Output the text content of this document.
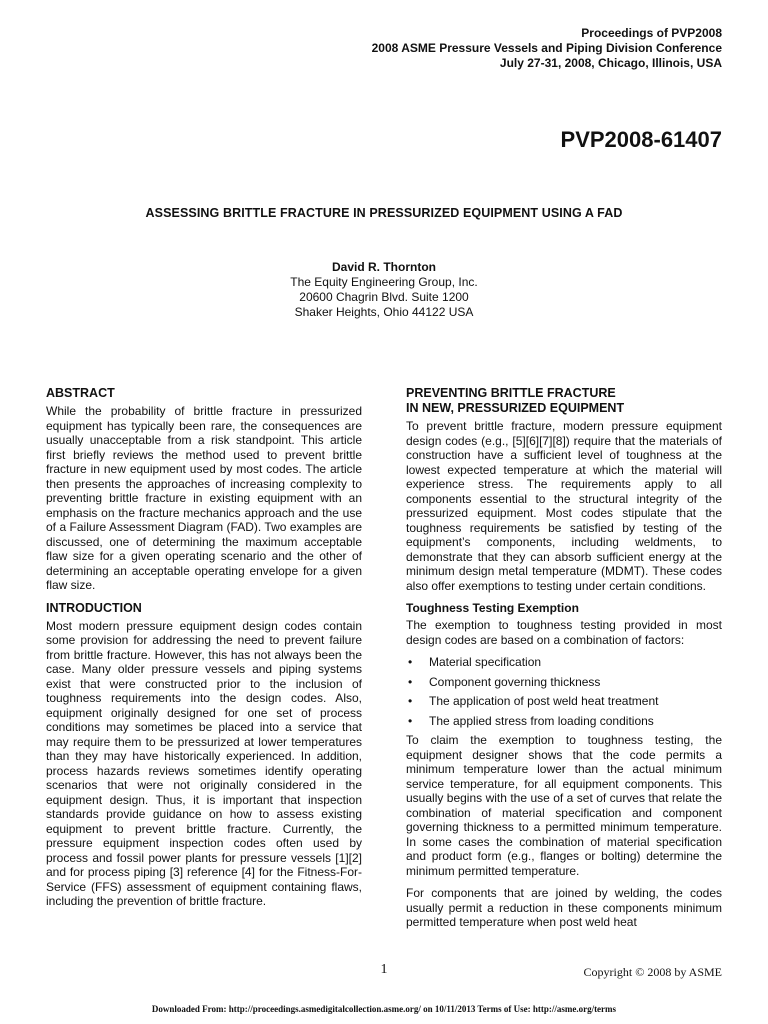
Proceedings of PVP2008
2008 ASME Pressure Vessels and Piping Division Conference
July 27-31, 2008, Chicago, Illinois, USA
PVP2008-61407
ASSESSING BRITTLE FRACTURE IN PRESSURIZED EQUIPMENT USING A FAD
David R. Thornton
The Equity Engineering Group, Inc.
20600 Chagrin Blvd. Suite 1200
Shaker Heights, Ohio 44122 USA
ABSTRACT

While the probability of brittle fracture in pressurized equipment has typically been rare, the consequences are usually unacceptable from a risk standpoint. This article first briefly reviews the method used to prevent brittle fracture in new equipment used by most codes. The article then presents the approaches of increasing complexity to preventing brittle fracture in existing equipment with an emphasis on the fracture mechanics approach and the use of a Failure Assessment Diagram (FAD). Two examples are discussed, one of determining the maximum acceptable flaw size for a given operating scenario and the other of determining an acceptable operating envelope for a given flaw size.

INTRODUCTION

Most modern pressure equipment design codes contain some provision for addressing the need to prevent failure from brittle fracture. However, this has not always been the case. Many older pressure vessels and piping systems exist that were constructed prior to the inclusion of toughness requirements into the design codes. Also, equipment originally designed for one set of process conditions may sometimes be placed into a service that may require them to be pressurized at lower temperatures than they may have historically experienced. In addition, process hazards reviews sometimes identify operating scenarios that were not originally considered in the equipment design. Thus, it is important that inspection standards provide guidance on how to assess existing equipment to prevent brittle fracture. Currently, the pressure equipment inspection codes often used by process and fossil power plants for pressure vessels [1][2] and for process piping [3] reference [4] for the Fitness-For-Service (FFS) assessment of equipment containing flaws, including the prevention of brittle fracture.

PREVENTING BRITTLE FRACTURE
IN NEW, PRESSURIZED EQUIPMENT

To prevent brittle fracture, modern pressure equipment design codes (e.g., [5][6][7][8]) require that the materials of construction have a sufficient level of toughness at the lowest expected temperature at which the material will experience stress. The requirements apply to all components essential to the structural integrity of the pressurized equipment. Most codes stipulate that the toughness requirements be satisfied by testing of the equipment’s components, including weldments, to demonstrate that they can absorb sufficient energy at the minimum design metal temperature (MDMT). These codes also offer exemptions to testing under certain conditions.

Toughness Testing Exemption

The exemption to toughness testing provided in most design codes are based on a combination of factors:

• Material specification
• Component governing thickness
• The application of post weld heat treatment
• The applied stress from loading conditions

To claim the exemption to toughness testing, the equipment designer shows that the code permits a minimum temperature lower than the actual minimum service temperature, for all equipment components. This usually begins with the use of a set of curves that relate the combination of material specification and component governing thickness to a permitted minimum temperature. In some cases the combination of material specification and product form (e.g., flanges or bolting) determine the minimum permitted temperature.

For components that are joined by welding, the codes usually permit a reduction in these components minimum permitted temperature when post weld heat

1	Copyright © 2008 by ASME
Downloaded From: http://proceedings.asmedigitalcollection.asme.org/ on 10/11/2013 Terms of Use: http://asme.org/terms
